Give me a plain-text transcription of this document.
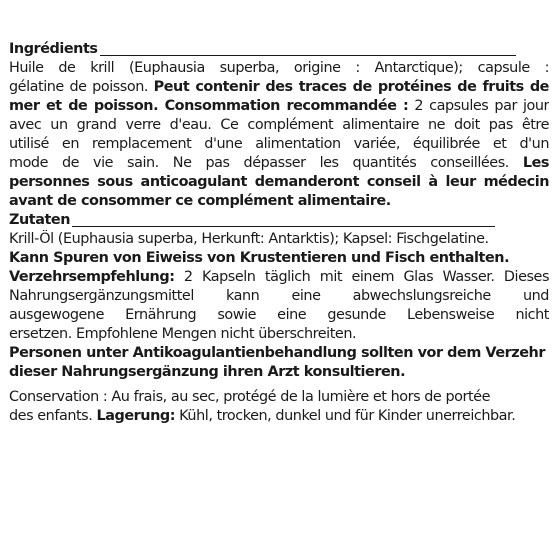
Ingrédients
Huile de krill (Euphausia superba, origine : Antarctique); capsule :
gélatine de poisson. Peut contenir des traces de protéines de fruits de
mer et de poisson. Consommation recommandée : 2 capsules par jour
avec un grand verre d'eau. Ce complément alimentaire ne doit pas être
utilisé en remplacement d'une alimentation variée, équilibrée et d'un
mode de vie sain. Ne pas dépasser les quantités conseillées. Les
personnes sous anticoagulant demanderont conseil à leur médecin
avant de consommer ce complément alimentaire.
Zutaten
Krill-Öl (Euphausia superba, Herkunft: Antarktis); Kapsel: Fischgelatine.
Kann Spuren von Eiweiss von Krustentieren und Fisch enthalten.
Verzehrsempfehlung: 2 Kapseln täglich mit einem Glas Wasser. Dieses
Nahrungsergänzungsmittel kann eine abwechslungsreiche und
ausgewogene Ernährung sowie eine gesunde Lebensweise nicht
ersetzen. Empfohlene Mengen nicht überschreiten.
Personen unter Antikoagulantienbehandlung sollten vor dem Verzehr
dieser Nahrungsergänzung ihren Arzt konsultieren.
Conservation : Au frais, au sec, protégé de la lumière et hors de portée
des enfants. Lagerung: Kühl, trocken, dunkel und für Kinder unerreichbar.
